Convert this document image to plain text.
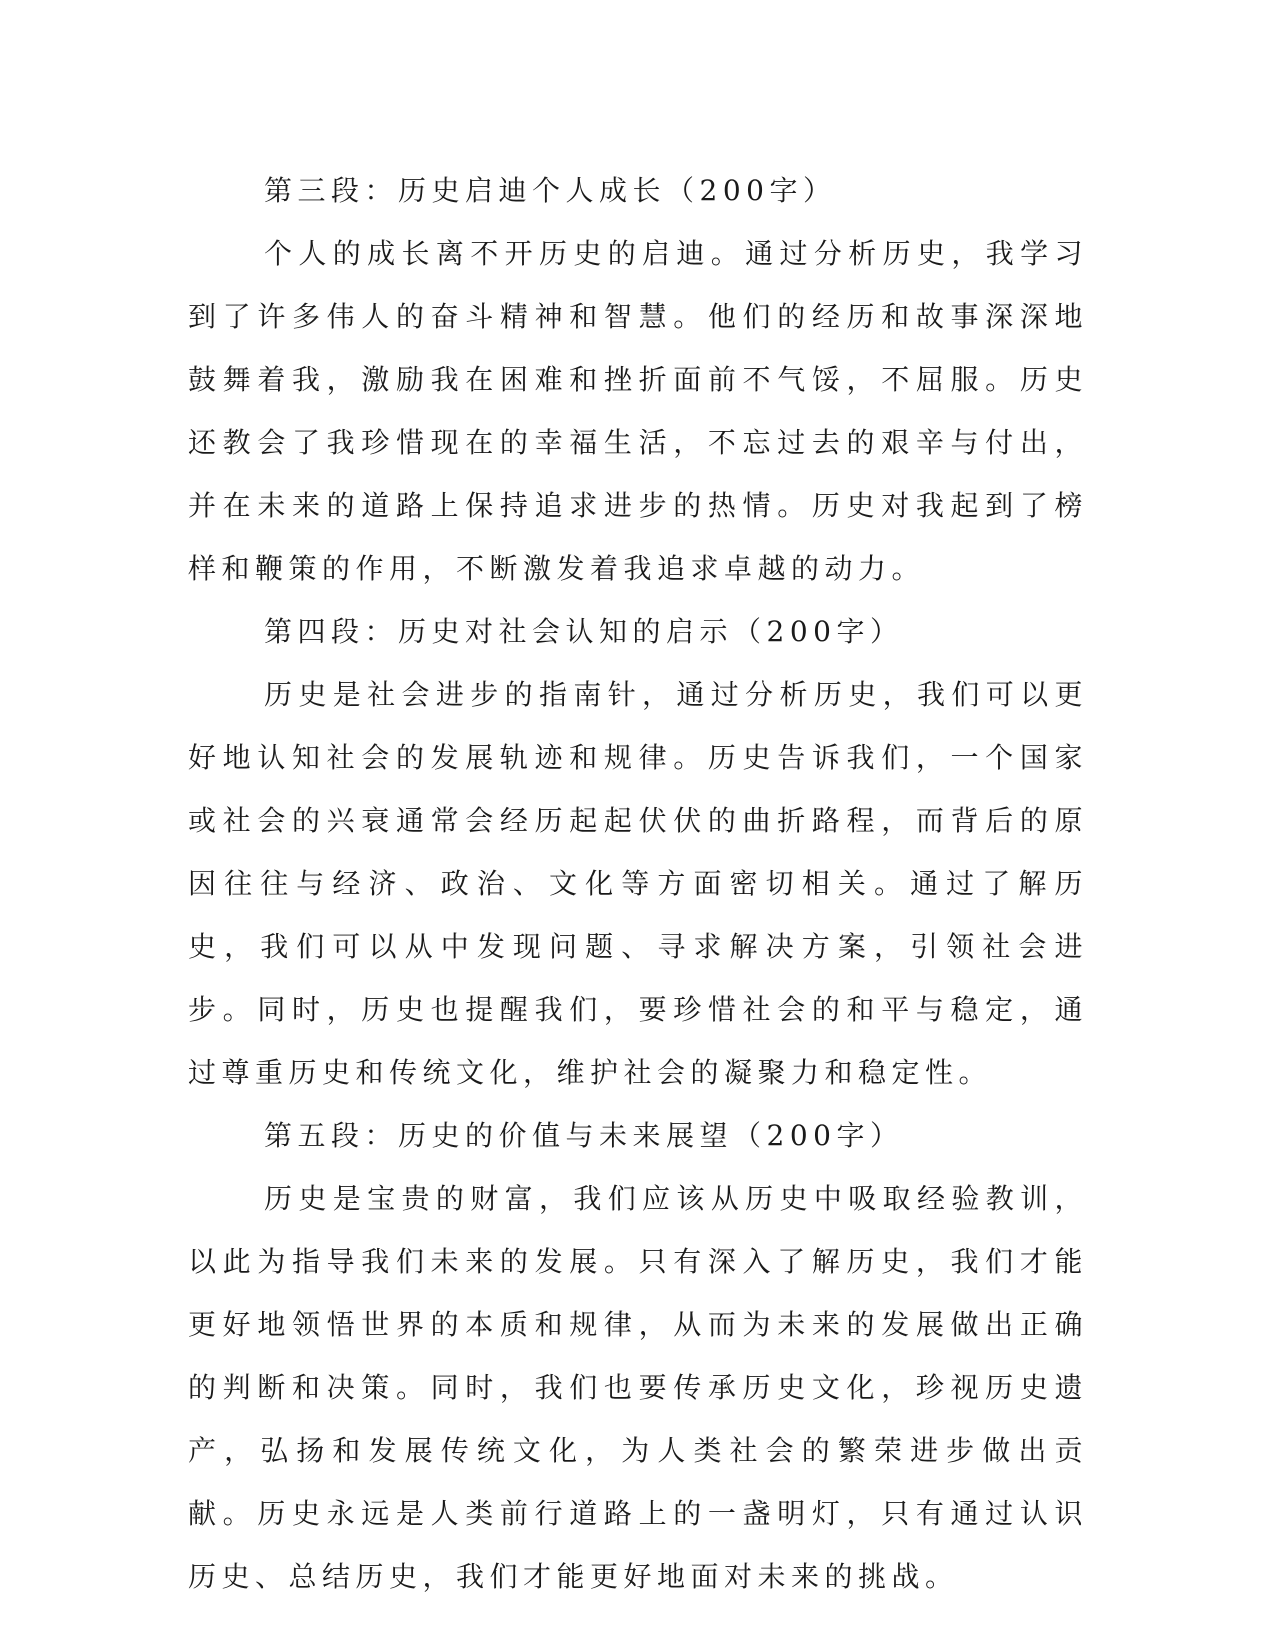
第三段：历史启迪个人成长（200字）

个人的成长离不开历史的启迪。通过分析历史，我学习到了许多伟人的奋斗精神和智慧。他们的经历和故事深深地鼓舞着我，激励我在困难和挫折面前不气馁，不屈服。历史还教会了我珍惜现在的幸福生活，不忘过去的艰辛与付出，并在未来的道路上保持追求进步的热情。历史对我起到了榜样和鞭策的作用，不断激发着我追求卓越的动力。

第四段：历史对社会认知的启示（200字）

历史是社会进步的指南针，通过分析历史，我们可以更好地认知社会的发展轨迹和规律。历史告诉我们，一个国家或社会的兴衰通常会经历起起伏伏的曲折路程，而背后的原因往往与经济、政治、文化等方面密切相关。通过了解历史，我们可以从中发现问题、寻求解决方案，引领社会进步。同时，历史也提醒我们，要珍惜社会的和平与稳定，通过尊重历史和传统文化，维护社会的凝聚力和稳定性。

第五段：历史的价值与未来展望（200字）

历史是宝贵的财富，我们应该从历史中吸取经验教训，以此为指导我们未来的发展。只有深入了解历史，我们才能更好地领悟世界的本质和规律，从而为未来的发展做出正确的判断和决策。同时，我们也要传承历史文化，珍视历史遗产，弘扬和发展传统文化，为人类社会的繁荣进步做出贡献。历史永远是人类前行道路上的一盏明灯，只有通过认识历史、总结历史，我们才能更好地面对未来的挑战。
